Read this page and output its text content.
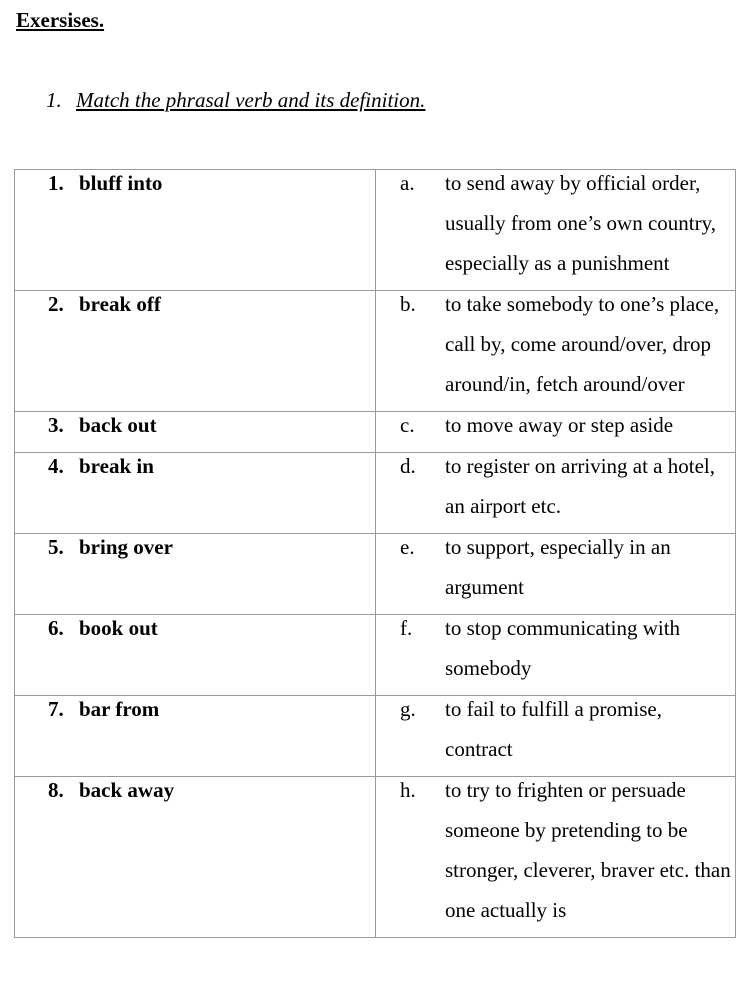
Exersises.
1. Match the phrasal verb and its definition.
1. bluff into	a. to send away by official order, usually from one’s own country, especially as a punishment

2. break off	b. to take somebody to one’s place, call by, come around/over, drop around/in, fetch around/over

3. back out	c. to move away or step aside

4. break in	d. to register on arriving at a hotel, an airport etc.

5. bring over	e. to support, especially in an argument

6. book out	f. to stop communicating with somebody

7. bar from	g. to fail to fulfill a promise, contract

8. back away	h. to try to frighten or persuade someone by pretending to be stronger, cleverer, braver etc. than one actually is
